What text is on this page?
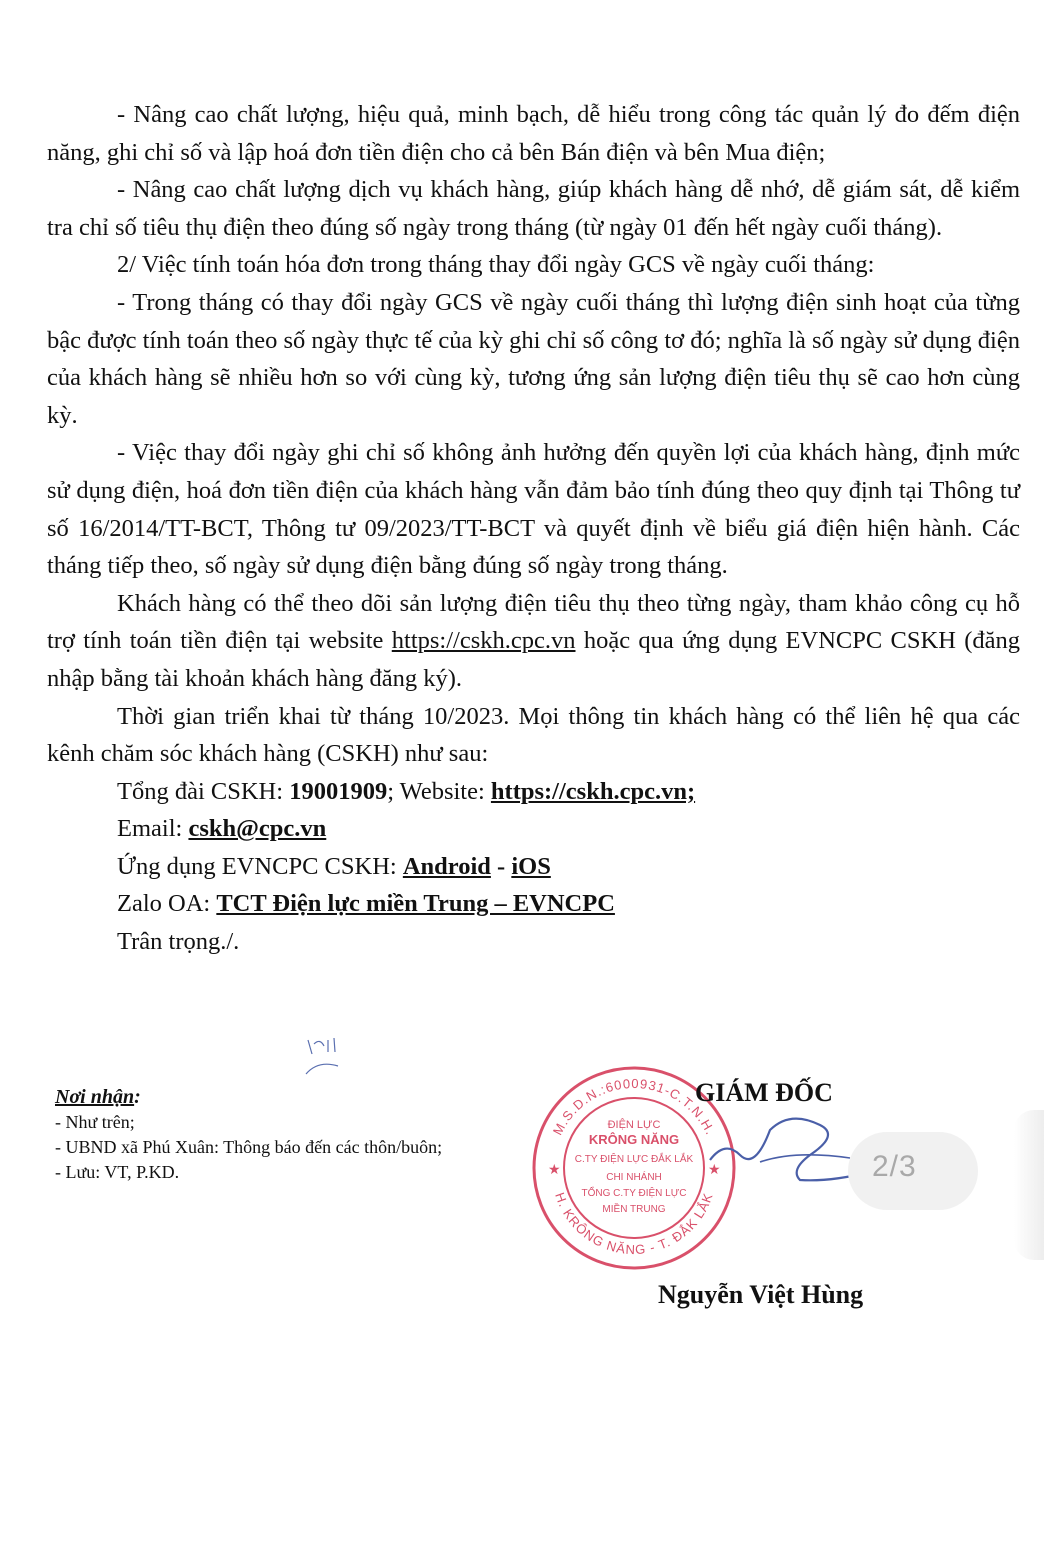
- Nâng cao chất lượng, hiệu quả, minh bạch, dễ hiểu trong công tác quản lý đo đếm điện năng, ghi chỉ số và lập hoá đơn tiền điện cho cả bên Bán điện và bên Mua điện;

- Nâng cao chất lượng dịch vụ khách hàng, giúp khách hàng dễ nhớ, dễ giám sát, dễ kiểm tra chỉ số tiêu thụ điện theo đúng số ngày trong tháng (từ ngày 01 đến hết ngày cuối tháng).

2/ Việc tính toán hóa đơn trong tháng thay đổi ngày GCS về ngày cuối tháng:

- Trong tháng có thay đổi ngày GCS về ngày cuối tháng thì lượng điện sinh hoạt của từng bậc được tính toán theo số ngày thực tế của kỳ ghi chỉ số công tơ đó; nghĩa là số ngày sử dụng điện của khách hàng sẽ nhiều hơn so với cùng kỳ, tương ứng sản lượng điện tiêu thụ sẽ cao hơn cùng kỳ.

- Việc thay đổi ngày ghi chỉ số không ảnh hưởng đến quyền lợi của khách hàng, định mức sử dụng điện, hoá đơn tiền điện của khách hàng vẫn đảm bảo tính đúng theo quy định tại Thông tư số 16/2014/TT-BCT, Thông tư 09/2023/TT-BCT và quyết định về biểu giá điện hiện hành. Các tháng tiếp theo, số ngày sử dụng điện bằng đúng số ngày trong tháng.

Khách hàng có thể theo dõi sản lượng điện tiêu thụ theo từng ngày, tham khảo công cụ hỗ trợ tính toán tiền điện tại website https://cskh.cpc.vn hoặc qua ứng dụng EVNCPC CSKH (đăng nhập bằng tài khoản khách hàng đăng ký).

Thời gian triển khai từ tháng 10/2023. Mọi thông tin khách hàng có thể liên hệ qua các kênh chăm sóc khách hàng (CSKH) như sau:

Tổng đài CSKH: 19001909; Website: https://cskh.cpc.vn;

Email: cskh@cpc.vn

Ứng dụng EVNCPC CSKH: Android - iOS

Zalo OA: TCT Điện lực miền Trung – EVNCPC

Trân trọng./.

Nơi nhận:
- Như trên;
- UBND xã Phú Xuân: Thông báo đến các thôn/buôn;
- Lưu: VT, P.KD.
M.S.D.N.:6000931-C.T.N.H.
H. KRÔNG NĂNG - T. ĐẮK LẮK
★	★
ĐIỆN LỰC
KRÔNG NĂNG
C.TY ĐIỆN LỰC ĐẮK LẮK
CHI NHÁNH
TỔNG C.TY ĐIỆN LỰC
MIỀN TRUNG
GIÁM ĐỐC
Nguyễn Việt Hùng
2/3
